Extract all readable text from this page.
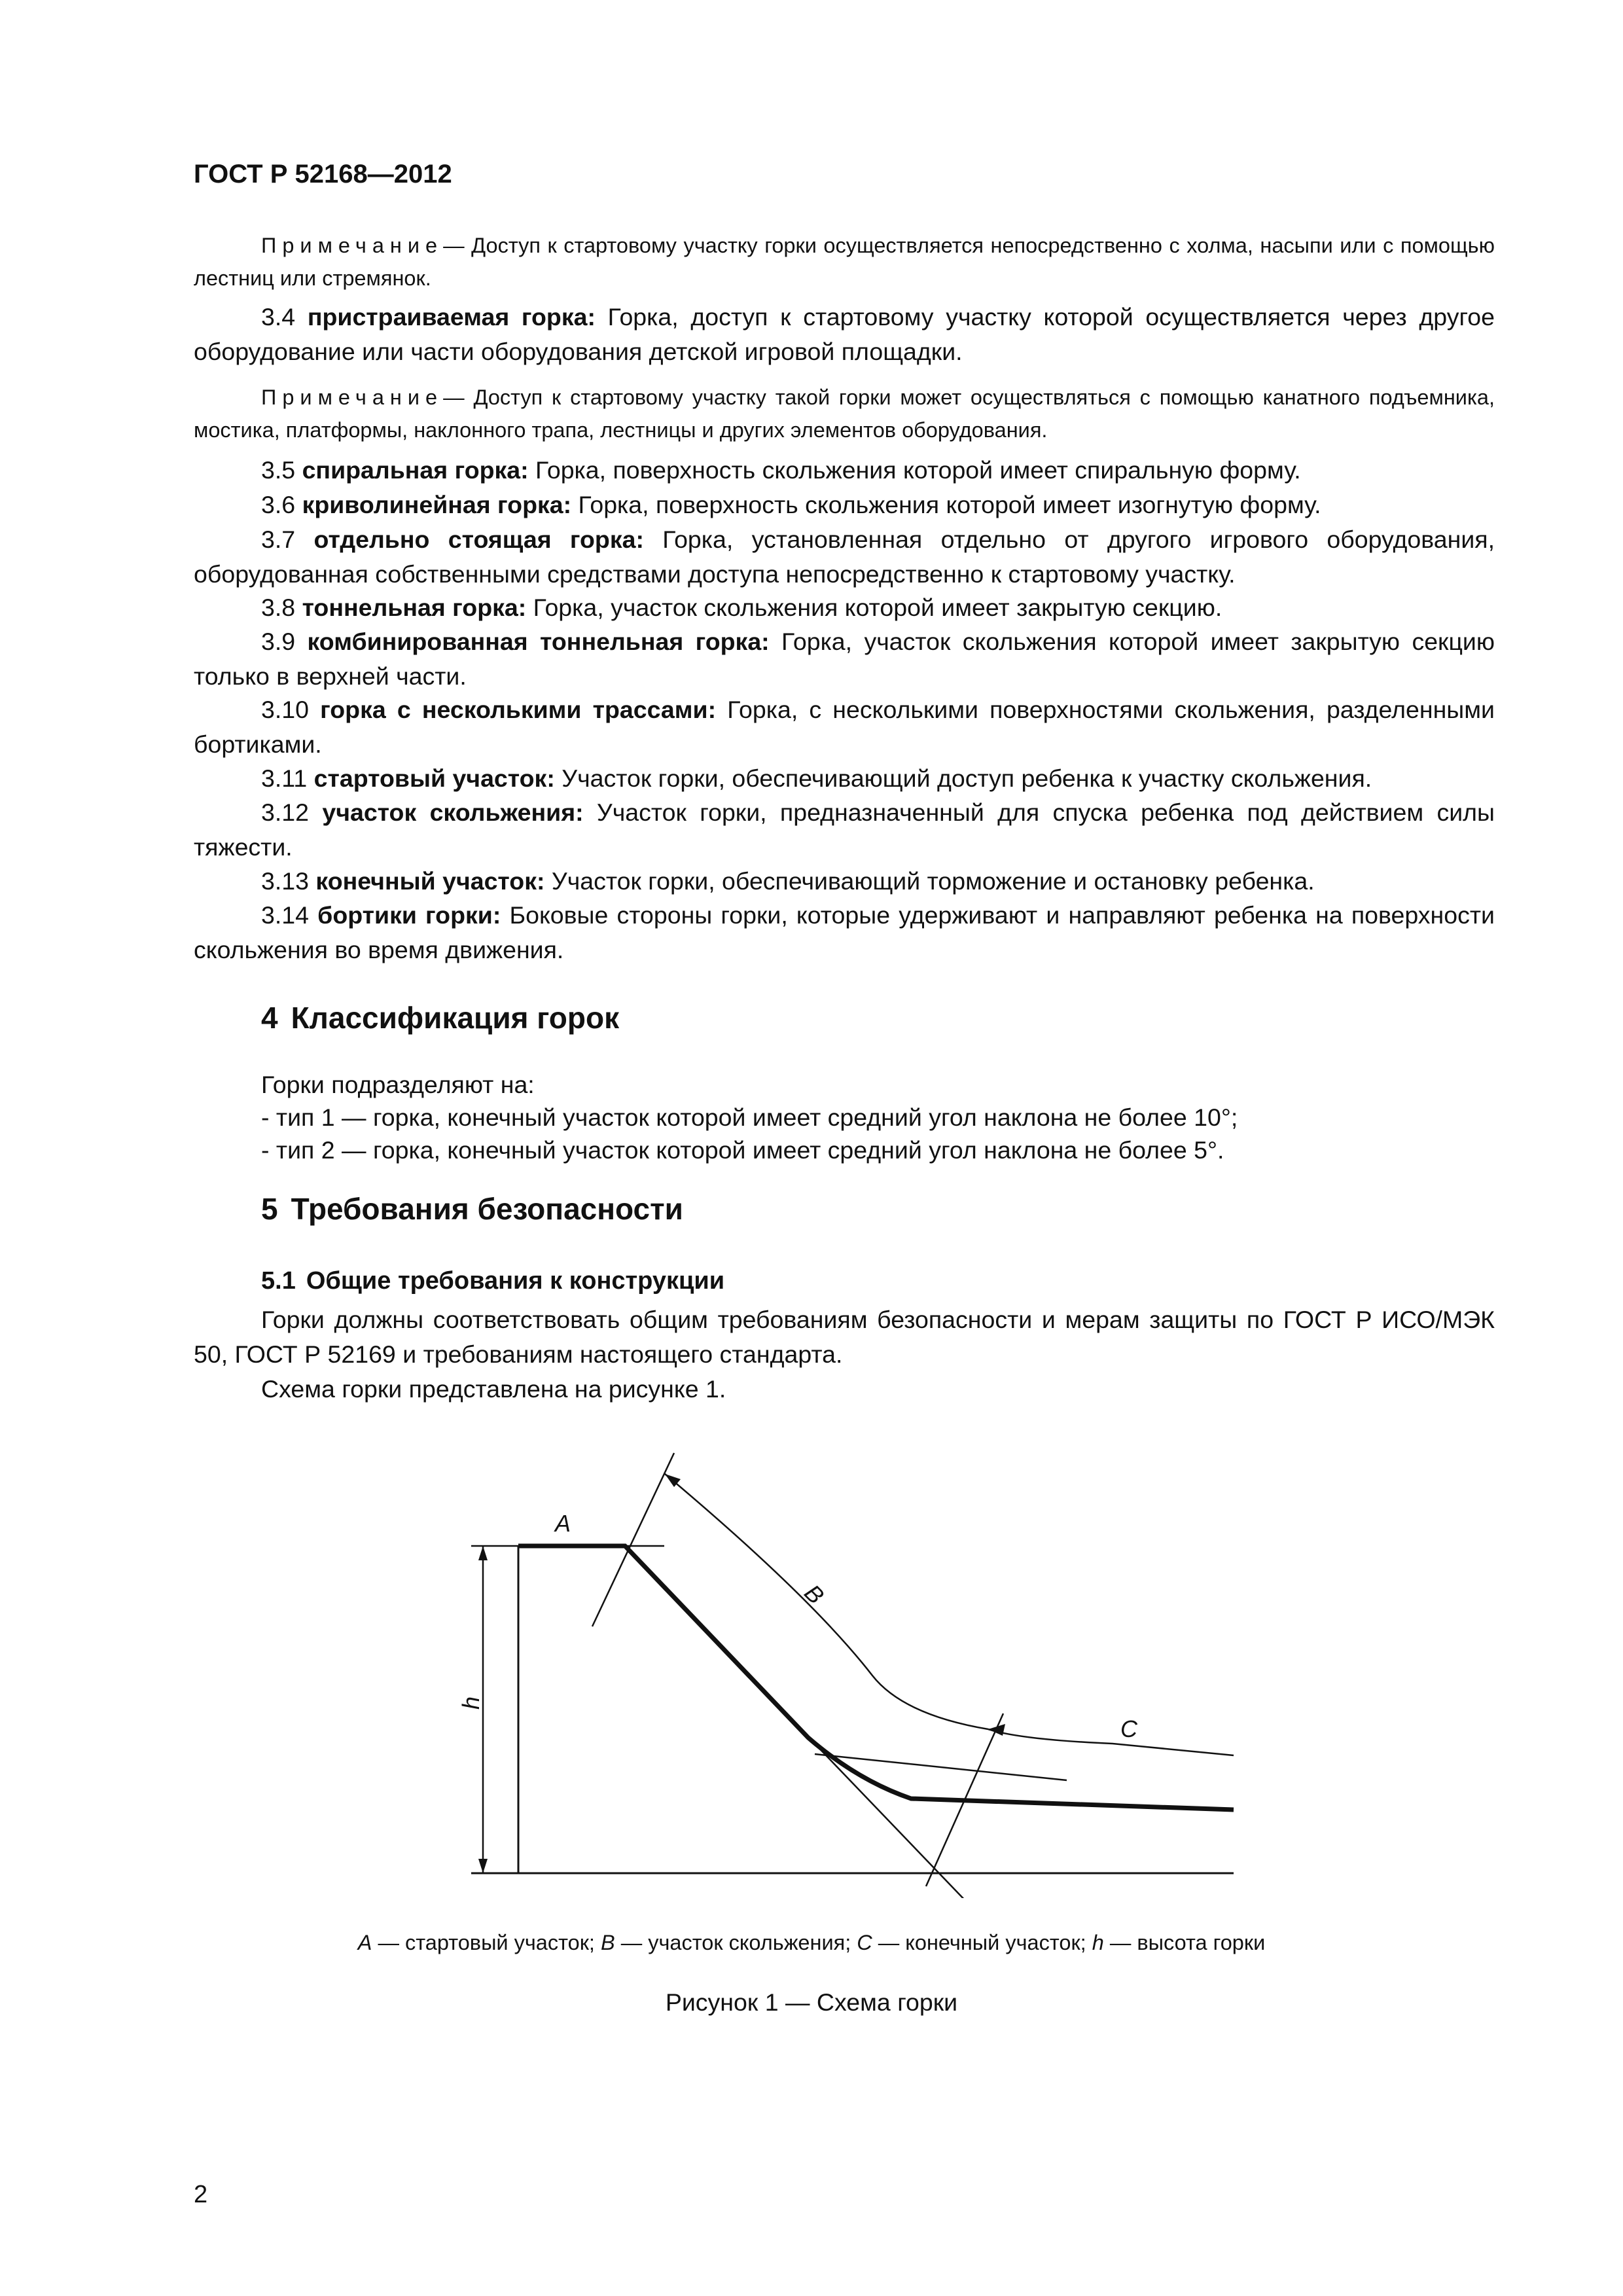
ГОСТ Р 52168—2012

Примечание— Доступ к стартовому участку горки осуществляется непосредственно с холма, насыпи или с помощью лестниц или стремянок.

3.4 пристраиваемая горка: Горка, доступ к стартовому участку которой осуществляется через другое оборудование или части оборудования детской игровой площадки.

Примечание— Доступ к стартовому участку такой горки может осуществляться с помощью канатного подъемника, мостика, платформы, наклонного трапа, лестницы и других элементов оборудования.

3.5 спиральная горка: Горка, поверхность скольжения которой имеет спиральную форму.

3.6 криволинейная горка: Горка, поверхность скольжения которой имеет изогнутую форму.

3.7 отдельно стоящая горка: Горка, установленная отдельно от другого игрового оборудования, оборудованная собственными средствами доступа непосредственно к стартовому участку.

3.8 тоннельная горка: Горка, участок скольжения которой имеет закрытую секцию.

3.9 комбинированная тоннельная горка: Горка, участок скольжения которой имеет закрытую секцию только в верхней части.

3.10 горка с несколькими трассами: Горка, с несколькими поверхностями скольжения, разделенными бортиками.

3.11 стартовый участок: Участок горки, обеспечивающий доступ ребенка к участку скольжения.

3.12 участок скольжения: Участок горки, предназначенный для спуска ребенка под действием силы тяжести.

3.13 конечный участок: Участок горки, обеспечивающий торможение и остановку ребенка.

3.14 бортики горки: Боковые стороны горки, которые удерживают и направляют ребенка на поверхности скольжения во время движения.

4 Классификация горок

Горки подразделяют на:

- тип 1 — горка, конечный участок которой имеет средний угол наклона не более 10°;

- тип 2 — горка, конечный участок которой имеет средний угол наклона не более 5°.

5 Требования безопасности
5.1 Общие требования к конструкции

Горки должны соответствовать общим требованиям безопасности и мерам защиты по ГОСТ Р ИСО/МЭК 50, ГОСТ Р 52169 и требованиям настоящего стандарта.

Схема горки представлена на рисунке 1.

A
B
C
h
A — стартовый участок; B — участок скольжения; C — конечный участок; h — высота горки
Рисунок 1 — Схема горки
2
